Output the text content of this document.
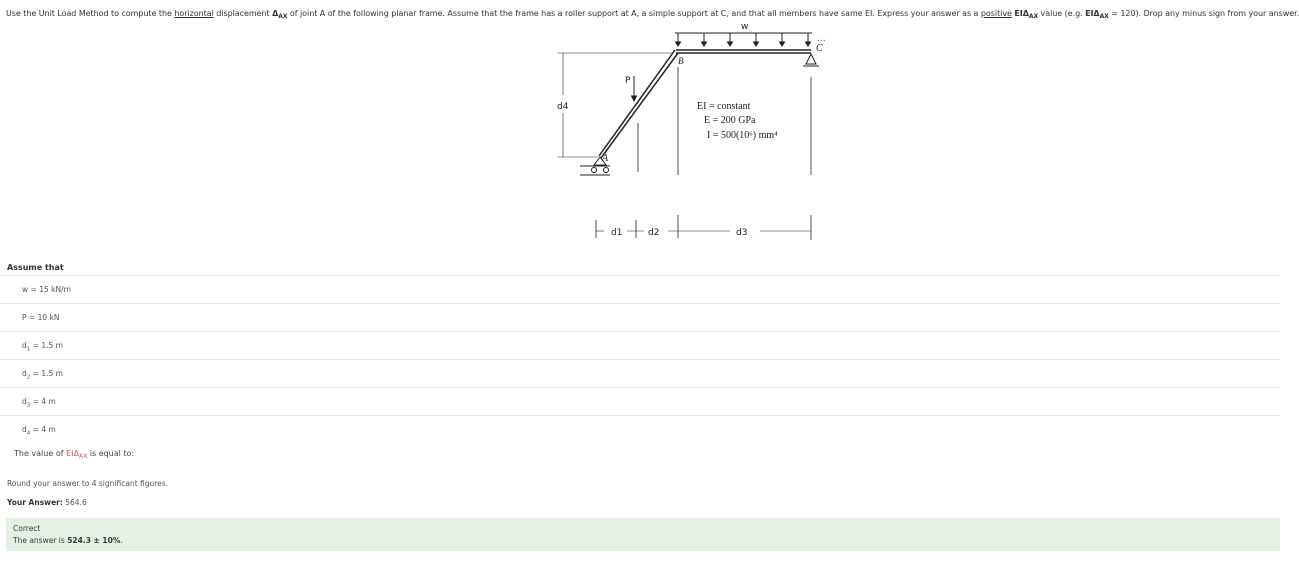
Use the Unit Load Method to compute the horizontal displacement $\Delta_{AX}$ of joint A of the following planar frame. Assume that the frame has a roller support at A, a simple support at C, and that all members have same EI. Express your answer as a positive $EI\Delta_{AX}$ value (e.g. $EI\Delta_{AX} = 120$). Drop any minus sign from your answer.
w
...
P
B
C
A
d4
d1	d2	d3
EI = constant
E = 200 GPa
I = 500(10⁶) mm⁴
Assume that
w = 15 kN/m
P = 10 kN
$d_1 = 1.5$ m
$d_2 = 1.5$ m
$d_3 = 4$ m
$d_4 = 4$ m
The value of $EI\Delta_{AX}$ is equal to:
Round your answer to 4 significant figures.
Your Answer: 564.6
Correct
The answer is 524.3 ± 10%.
